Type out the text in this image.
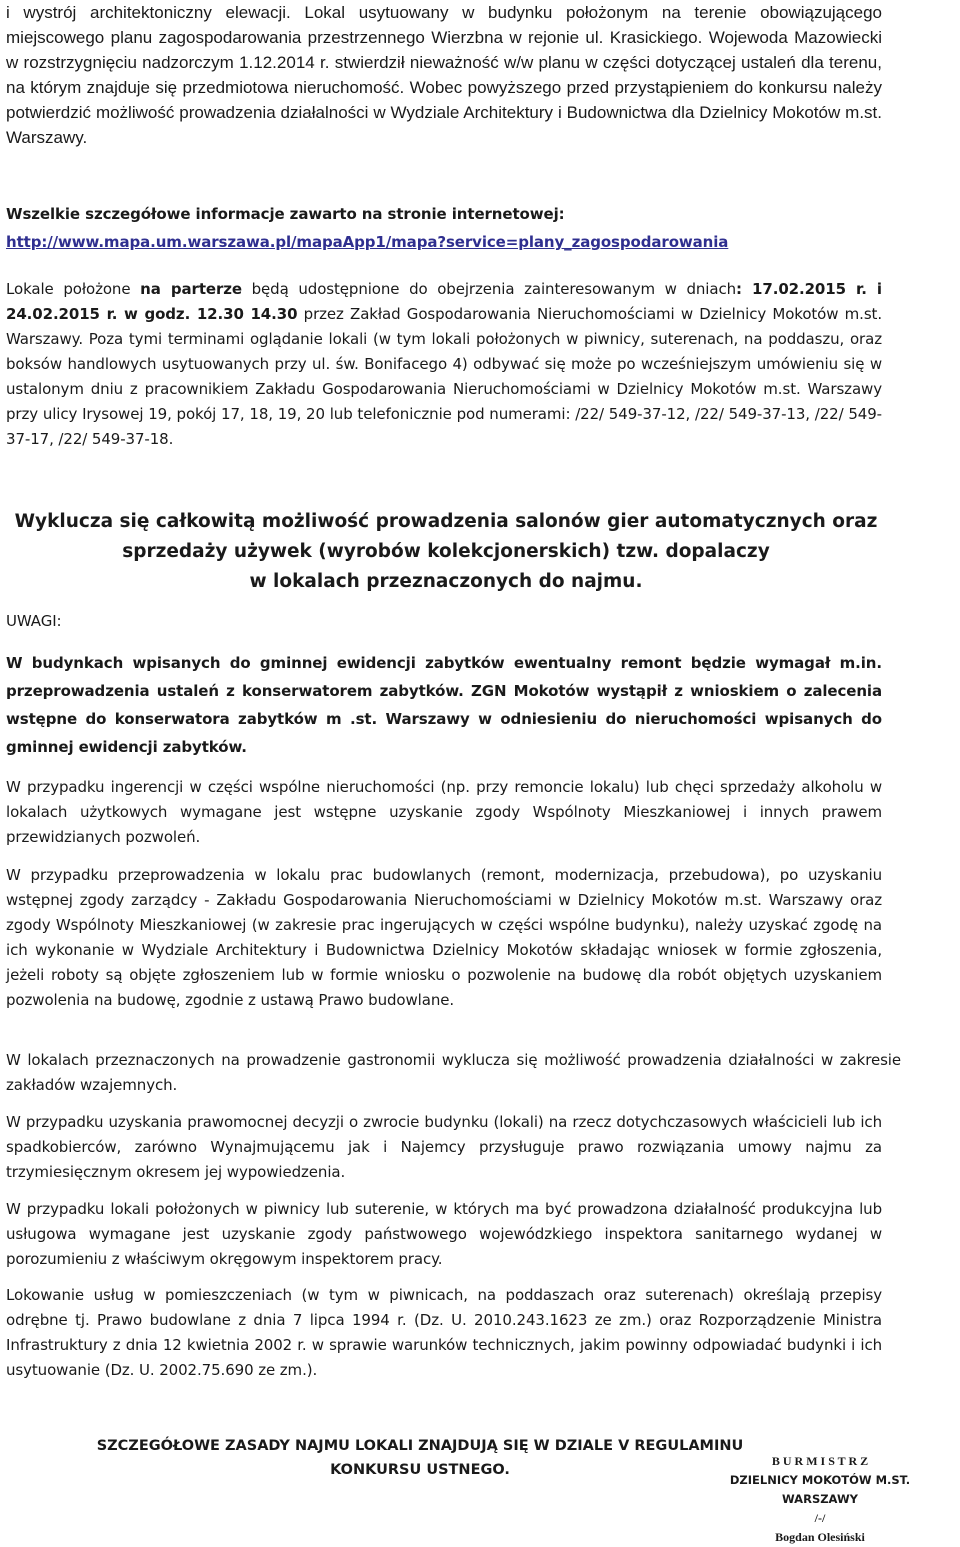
i wystrój architektoniczny elewacji. Lokal usytuowany w budynku położonym na terenie obowiązującego miejscowego planu zagospodarowania przestrzennego Wierzbna w rejonie ul. Krasickiego. Wojewoda Mazowiecki w rozstrzygnięciu nadzorczym 1.12.2014 r. stwierdził nieważność w/w planu w części dotyczącej ustaleń dla terenu, na którym znajduje się przedmiotowa nieruchomość. Wobec powyższego przed przystąpieniem do konkursu należy potwierdzić możliwość prowadzenia działalności w Wydziale Architektury i Budownictwa dla Dzielnicy Mokotów m.st. Warszawy.

Wszelkie szczegółowe informacje zawarto na stronie internetowej:

http://www.mapa.um.warszawa.pl/mapaApp1/mapa?service=plany_zagospodarowania

Lokale położone na parterze będą udostępnione do obejrzenia zainteresowanym w dniach: 17.02.2015 r. i 24.02.2015 r. w godz. 12.30 14.30 przez Zakład Gospodarowania Nieruchomościami w Dzielnicy Mokotów m.st. Warszawy. Poza tymi terminami oglądanie lokali (w tym lokali położonych w piwnicy, suterenach, na poddaszu, oraz boksów handlowych usytuowanych przy ul. św. Bonifacego 4) odbywać się może po wcześniejszym umówieniu się w ustalonym dniu z pracownikiem Zakładu Gospodarowania Nieruchomościami w Dzielnicy Mokotów m.st. Warszawy przy ulicy Irysowej 19, pokój 17, 18, 19, 20 lub telefonicznie pod numerami: /22/ 549-37-12, /22/ 549-37-13, /22/ 549-37-17, /22/ 549-37-18.

Wyklucza się całkowitą możliwość prowadzenia salonów gier automatycznych oraz
sprzedaży używek (wyrobów kolekcjonerskich) tzw. dopalaczy
w lokalach przeznaczonych do najmu.

UWAGI:

W budynkach wpisanych do gminnej ewidencji zabytków ewentualny remont będzie wymagał m.in. przeprowadzenia ustaleń z konserwatorem zabytków. ZGN Mokotów wystąpił z wnioskiem o zalecenia wstępne do konserwatora zabytków m .st. Warszawy w odniesieniu do nieruchomości wpisanych do gminnej ewidencji zabytków.

W przypadku ingerencji w części wspólne nieruchomości (np. przy remoncie lokalu) lub chęci sprzedaży alkoholu w lokalach użytkowych wymagane jest wstępne uzyskanie zgody Wspólnoty Mieszkaniowej i innych prawem przewidzianych pozwoleń.

W przypadku przeprowadzenia w lokalu prac budowlanych (remont, modernizacja, przebudowa), po uzyskaniu wstępnej zgody zarządcy - Zakładu Gospodarowania Nieruchomościami w Dzielnicy Mokotów m.st. Warszawy oraz zgody Wspólnoty Mieszkaniowej (w zakresie prac ingerujących w części wspólne budynku), należy uzyskać zgodę na ich wykonanie w Wydziale Architektury i Budownictwa Dzielnicy Mokotów składając wniosek w formie zgłoszenia, jeżeli roboty są objęte zgłoszeniem lub w formie wniosku o pozwolenie na budowę dla robót objętych uzyskaniem pozwolenia na budowę, zgodnie z ustawą Prawo budowlane.

W lokalach przeznaczonych na prowadzenie gastronomii wyklucza się możliwość prowadzenia działalności w zakresie zakładów wzajemnych.

W przypadku uzyskania prawomocnej decyzji o zwrocie budynku (lokali) na rzecz dotychczasowych właścicieli lub ich spadkobierców, zarówno Wynajmującemu jak i Najemcy przysługuje prawo rozwiązania umowy najmu za trzymiesięcznym okresem jej wypowiedzenia.

W przypadku lokali położonych w piwnicy lub suterenie, w których ma być prowadzona działalność produkcyjna lub usługowa wymagane jest uzyskanie zgody państwowego wojewódzkiego inspektora sanitarnego wydanej w porozumieniu z właściwym okręgowym inspektorem pracy.

Lokowanie usług w pomieszczeniach (w tym w piwnicach, na poddaszach oraz suterenach) określają przepisy odrębne tj. Prawo budowlane z dnia 7 lipca 1994 r. (Dz. U. 2010.243.1623 ze zm.) oraz Rozporządzenie Ministra Infrastruktury z dnia 12 kwietnia 2002 r. w sprawie warunków technicznych, jakim powinny odpowiadać budynki i ich usytuowanie (Dz. U. 2002.75.690 ze zm.).

SZCZEGÓŁOWE ZASADY NAJMU LOKALI ZNAJDUJĄ SIĘ W DZIALE V REGULAMINU KONKURSU USTNEGO.
B U R M I S T R Z
DZIELNICY MOKOTÓW M.ST. WARSZAWY
/-/
Bogdan Olesiński
